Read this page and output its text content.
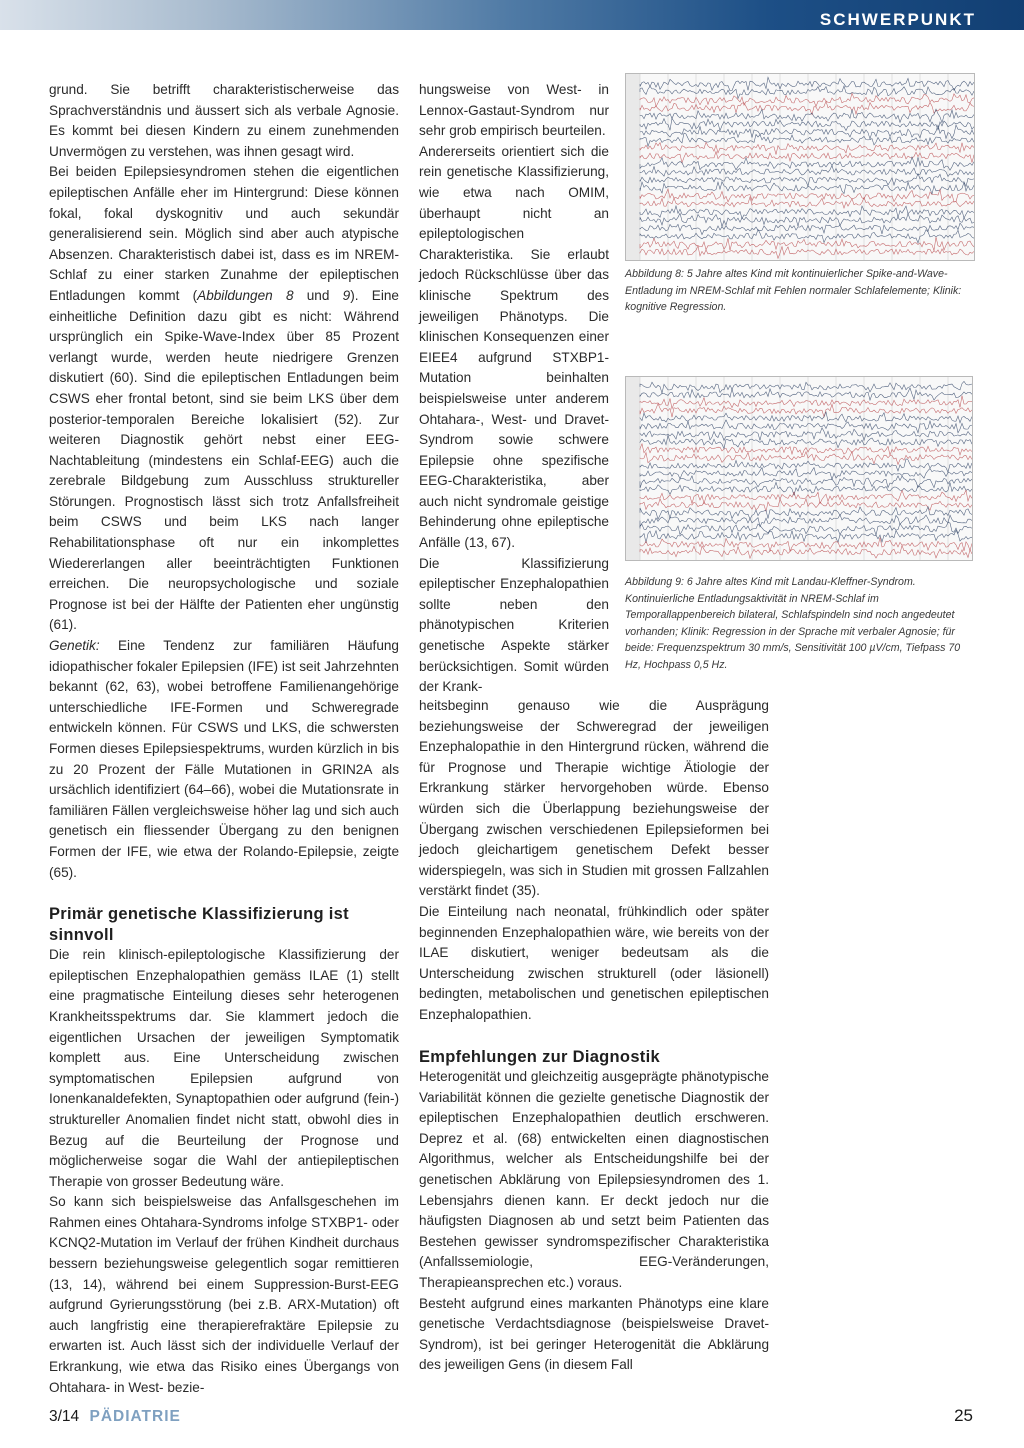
SCHWERPUNKT

grund. Sie betrifft charakteristischerweise das Sprachverständnis und äussert sich als verbale Agnosie. Es kommt bei diesen Kindern zu einem zunehmenden Unvermögen zu verstehen, was ihnen gesagt wird.

Bei beiden Epilepsiesyndromen stehen die eigentlichen epileptischen Anfälle eher im Hintergrund: Diese können fokal, fokal dyskognitiv und auch sekundär generalisierend sein. Möglich sind aber auch atypische Absenzen. Charakteristisch dabei ist, dass es im NREM-Schlaf zu einer starken Zunahme der epileptischen Entladungen kommt (Abbildungen 8 und 9). Eine einheitliche Definition dazu gibt es nicht: Während ursprünglich ein Spike-Wave-Index über 85 Prozent verlangt wurde, werden heute niedrigere Grenzen diskutiert (60). Sind die epileptischen Entladungen beim CSWS eher frontal betont, sind sie beim LKS über dem posterior-temporalen Bereiche lokalisiert (52). Zur weiteren Diagnostik gehört nebst einer EEG-Nachtableitung (mindestens ein Schlaf-EEG) auch die zerebrale Bildgebung zum Ausschluss struktureller Störungen. Prognostisch lässt sich trotz Anfallsfreiheit beim CSWS und beim LKS nach langer Rehabilitationsphase oft nur ein inkomplettes Wiedererlangen aller beeinträchtigten Funktionen erreichen. Die neuropsychologische und soziale Prognose ist bei der Hälfte der Patienten eher ungünstig (61).

Genetik: Eine Tendenz zur familiären Häufung idiopathischer fokaler Epilepsien (IFE) ist seit Jahrzehnten bekannt (62, 63), wobei betroffene Familienangehörige unterschiedliche IFE-Formen und Schweregrade entwickeln können. Für CSWS und LKS, die schwersten Formen dieses Epilepsiespektrums, wurden kürzlich in bis zu 20 Prozent der Fälle Mutationen in GRIN2A als ursächlich identifiziert (64–66), wobei die Mutationsrate in familiären Fällen vergleichsweise höher lag und sich auch genetisch ein fliessender Übergang zu den benignen Formen der IFE, wie etwa der Rolando-Epilepsie, zeigte (65).

Primär genetische Klassifizierung ist sinnvoll

Die rein klinisch-epileptologische Klassifizierung der epileptischen Enzephalopathien gemäss ILAE (1) stellt eine pragmatische Einteilung dieses sehr heterogenen Krankheitsspektrums dar. Sie klammert jedoch die eigentlichen Ursachen der jeweiligen Symptomatik komplett aus. Eine Unterscheidung zwischen symptomatischen Epilepsien aufgrund von Ionenkanaldefekten, Synaptopathien oder aufgrund (fein-) struktureller Anomalien findet nicht statt, obwohl dies in Bezug auf die Beurteilung der Prognose und möglicherweise sogar die Wahl der antiepileptischen Therapie von grosser Bedeutung wäre.

So kann sich beispielsweise das Anfallsgeschehen im Rahmen eines Ohtahara-Syndroms infolge STXBP1- oder KCNQ2-Mutation im Verlauf der frühen Kindheit durchaus bessern beziehungsweise gelegentlich sogar remittieren (13, 14), während bei einem Suppression-Burst-EEG aufgrund Gyrierungsstörung (bei z.B. ARX-Mutation) oft auch langfristig eine therapierefraktäre Epilepsie zu erwarten ist. Auch lässt sich der individuelle Verlauf der Erkrankung, wie etwa das Risiko eines Übergangs von Ohtahara- in West- bezie-

hungsweise von West- in Lennox-Gastaut-Syndrom nur sehr grob empirisch beurteilen.

Andererseits orientiert sich die rein genetische Klassifizierung, wie etwa nach OMIM, überhaupt nicht an epileptologischen Charakteristika. Sie erlaubt jedoch Rückschlüsse über das klinische Spektrum des jeweiligen Phänotyps. Die klinischen Konsequenzen einer EIEE4 aufgrund STXBP1-Mutation beinhalten beispielsweise unter anderem Ohtahara-, West- und Dravet-Syndrom sowie schwere Epilepsie ohne spezifische EEG-Charakteristika, aber auch nicht syndromale geistige Behinderung ohne epileptische Anfälle (13, 67).

Die Klassifizierung epileptischer Enzephalopathien sollte neben den phänotypischen Kriterien genetische Aspekte stärker berücksichtigen. Somit würden der Krank-

heitsbeginn genauso wie die Ausprägung beziehungsweise der Schweregrad der jeweiligen Enzephalopathie in den Hintergrund rücken, während die für Prognose und Therapie wichtige Ätiologie der Erkrankung stärker hervorgehoben würde. Ebenso würden sich die Überlappung beziehungsweise der Übergang zwischen verschiedenen Epilepsieformen bei jedoch gleichartigem genetischem Defekt besser widerspiegeln, was sich in Studien mit grossen Fallzahlen verstärkt findet (35).

Die Einteilung nach neonatal, frühkindlich oder später beginnenden Enzephalopathien wäre, wie bereits von der ILAE diskutiert, weniger bedeutsam als die Unterscheidung zwischen strukturell (oder läsionell) bedingten, metabolischen und genetischen epileptischen Enzephalopathien.

Empfehlungen zur Diagnostik

Heterogenität und gleichzeitig ausgeprägte phänotypische Variabilität können die gezielte genetische Diagnostik der epileptischen Enzephalopathien deutlich erschweren. Deprez et al. (68) entwickelten einen diagnostischen Algorithmus, welcher als Entscheidungshilfe bei der genetischen Abklärung von Epilepsiesyndromen des 1. Lebensjahrs dienen kann. Er deckt jedoch nur die häufigsten Diagnosen ab und setzt beim Patienten das Bestehen gewisser syndromspezifischer Charakteristika (Anfallssemiologie, EEG-Veränderungen, Therapieansprechen etc.) voraus.

Besteht aufgrund eines markanten Phänotyps eine klare genetische Verdachtsdiagnose (beispielsweise Dravet-Syndrom), ist bei geringer Heterogenität die Abklärung des jeweiligen Gens (in diesem Fall

Abbildung 8: 5 Jahre altes Kind mit kontinuierlicher Spike-and-Wave-Entladung im NREM-Schlaf mit Fehlen normaler Schlafelemente; Klinik: kognitive Regression.
Abbildung 9: 6 Jahre altes Kind mit Landau-Kleffner-Syndrom. Kontinuierliche Entladungsaktivität in NREM-Schlaf im Temporallappenbereich bilateral, Schlafspindeln sind noch angedeutet vorhanden; Klinik: Regression in der Sprache mit verbaler Agnosie; für beide: Frequenzspektrum 30 mm/s, Sensitivität 100 µV/cm, Tiefpass 70 Hz, Hochpass 0,5 Hz.
3/14 PÄDIATRIE	25
